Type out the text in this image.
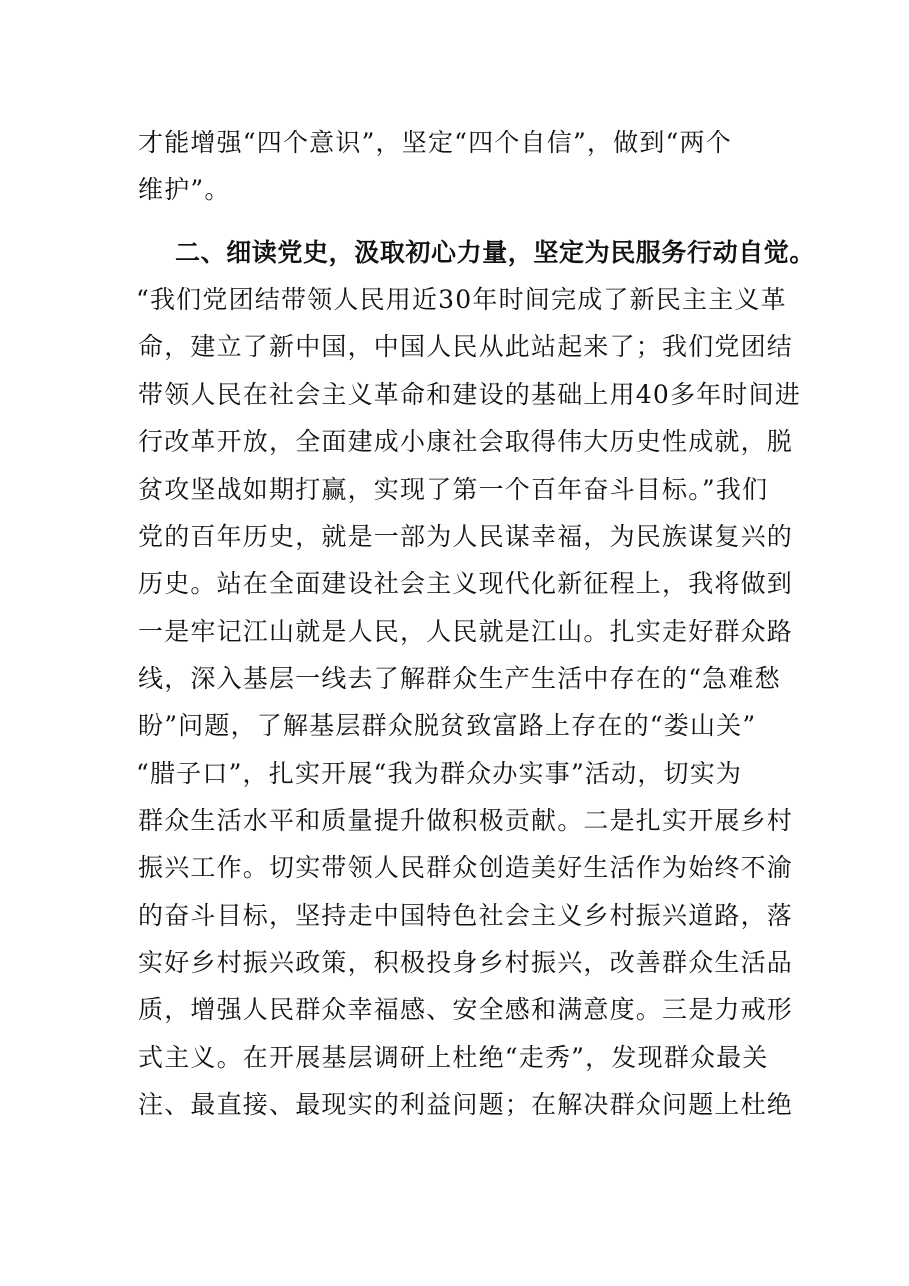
才能增强“四个意识”，坚定“四个自信”，做到“两个
维护”。
二、细读党史，汲取初心力量，坚定为民服务行动自觉。
“我们党团结带领人民用近30年时间完成了新民主主义革
命，建立了新中国，中国人民从此站起来了；我们党团结
带领人民在社会主义革命和建设的基础上用40多年时间进
行改革开放，全面建成小康社会取得伟大历史性成就，脱
贫攻坚战如期打赢，实现了第一个百年奋斗目标。”我们
党的百年历史，就是一部为人民谋幸福，为民族谋复兴的
历史。站在全面建设社会主义现代化新征程上，我将做到
一是牢记江山就是人民，人民就是江山。扎实走好群众路
线，深入基层一线去了解群众生产生活中存在的“急难愁
盼”问题，了解基层群众脱贫致富路上存在的“娄山关”
“腊子口”，扎实开展“我为群众办实事”活动，切实为
群众生活水平和质量提升做积极贡献。二是扎实开展乡村
振兴工作。切实带领人民群众创造美好生活作为始终不渝
的奋斗目标，坚持走中国特色社会主义乡村振兴道路，落
实好乡村振兴政策，积极投身乡村振兴，改善群众生活品
质，增强人民群众幸福感、安全感和满意度。三是力戒形
式主义。在开展基层调研上杜绝“走秀”，发现群众最关
注、最直接、最现实的利益问题；在解决群众问题上杜绝
